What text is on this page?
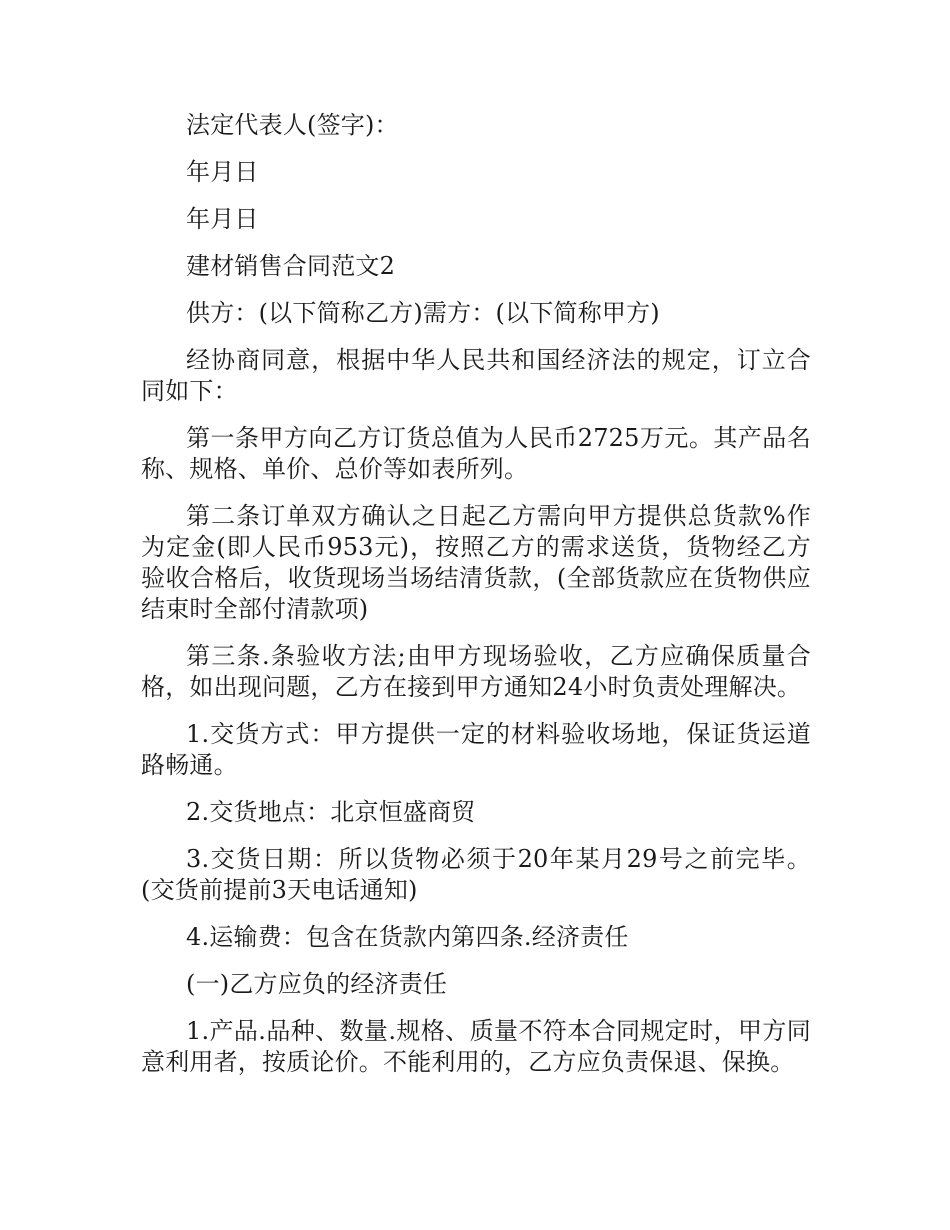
法定代表人(签字)：

年月日

年月日

建材销售合同范文2

供方：(以下简称乙方)需方：(以下简称甲方)

经协商同意，根据中华人民共和国经济法的规定，订立合同如下：

第一条甲方向乙方订货总值为人民币2725万元。其产品名称、规格、单价、总价等如表所列。

第二条订单双方确认之日起乙方需向甲方提供总货款%作为定金(即人民币953元)，按照乙方的需求送货，货物经乙方验收合格后，收货现场当场结清货款，(全部货款应在货物供应结束时全部付清款项)

第三条.条验收方法;由甲方现场验收，乙方应确保质量合格，如出现问题，乙方在接到甲方通知24小时负责处理解决。

1.交货方式：甲方提供一定的材料验收场地，保证货运道路畅通。

2.交货地点：北京恒盛商贸

3.交货日期：所以货物必须于20年某月29号之前完毕。(交货前提前3天电话通知)

4.运输费：包含在货款内第四条.经济责任

(一)乙方应负的经济责任

1.产品.品种、数量.规格、质量不符本合同规定时，甲方同意利用者，按质论价。不能利用的，乙方应负责保退、保换。
